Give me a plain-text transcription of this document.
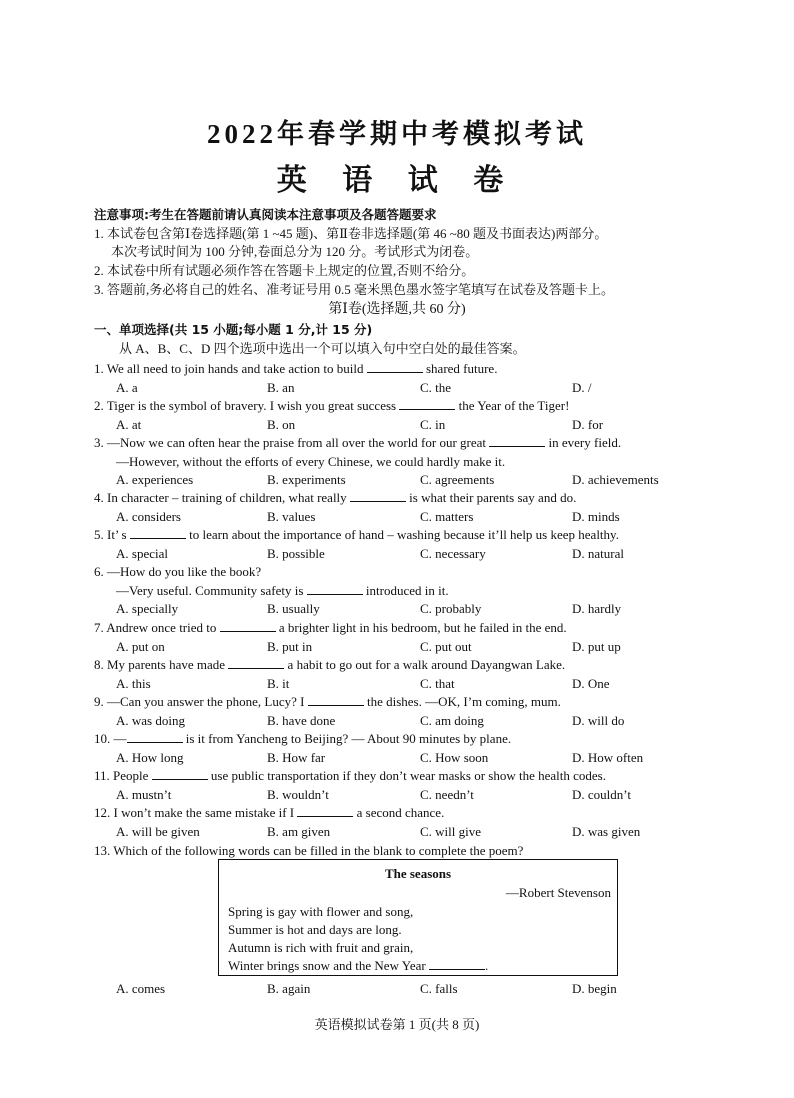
2022年春学期中考模拟考试
英 语 试 卷
注意事项:考生在答题前请认真阅读本注意事项及各题答题要求
1. 本试卷包含第Ⅰ卷选择题(第 1 ~45 题)、第Ⅱ卷非选择题(第 46 ~80 题及书面表达)两部分。
本次考试时间为 100 分钟,卷面总分为 120 分。考试形式为闭卷。
2. 本试卷中所有试题必须作答在答题卡上规定的位置,否则不给分。
3. 答题前,务必将自己的姓名、准考证号用 0.5 毫米黑色墨水签字笔填写在试卷及答题卡上。
第Ⅰ卷(选择题,共 60 分)
一、单项选择(共 15 小题;每小题 1 分,计 15 分)
从 A、B、C、D 四个选项中选出一个可以填入句中空白处的最佳答案。
1. We all need to join hands and take action to build	shared future.
A. a	B. an	C. the	D. /
2. Tiger is the symbol of bravery. I wish you great success	the Year of the Tiger!
A. at	B. on	C. in	D. for
3. —Now we can often hear the praise from all over the world for our great	in every field.
—However, without the efforts of every Chinese, we could hardly make it.
A. experiences	B. experiments	C. agreements	D. achievements
4. In character – training of children, what really	is what their parents say and do.
A. considers	B. values	C. matters	D. minds
5. It’ s	to learn about the importance of hand – washing because it’ll help us keep healthy.
A. special	B. possible	C. necessary	D. natural
6. —How do you like the book?
—Very useful. Community safety is	introduced in it.
A. specially	B. usually	C. probably	D. hardly
7. Andrew once tried to	a brighter light in his bedroom, but he failed in the end.
A. put on	B. put in	C. put out	D. put up
8. My parents have made	a habit to go out for a walk around Dayangwan Lake.
A. this	B. it	C. that	D. One
9. —Can you answer the phone, Lucy? I	the dishes. —OK, I’m coming, mum.
A. was doing	B. have done	C. am doing	D. will do
10. —	is it from Yancheng to Beijing? — About 90 minutes by plane.
A. How long	B. How far	C. How soon	D. How often
11. People	use public transportation if they don’t wear masks or show the health codes.
A. mustn’t	B. wouldn’t	C. needn’t	D. couldn’t
12. I won’t make the same mistake if I	a second chance.
A. will be given	B. am given	C. will give	D. was given
13. Which of the following words can be filled in the blank to complete the poem?
The seasons
—Robert Stevenson
Spring is gay with flower and song,
Summer is hot and days are long.
Autumn is rich with fruit and grain,
Winter brings snow and the New Year	.
A. comes	B. again	C. falls	D. begin
英语模拟试卷第 1 页(共 8 页)
